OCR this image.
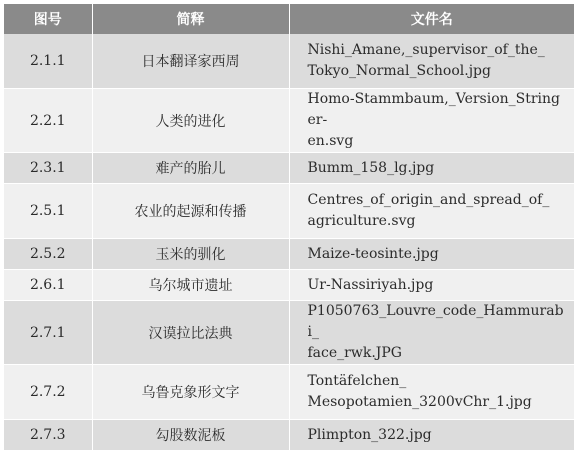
图号	简释	文件名
2.1.1	日本翻译家西周	Nishi_Amane,_supervisor_of_the_
Tokyo_Normal_School.jpg

2.2.1	人类的进化	Homo-Stammbaum,_Version_Stringer-
en.svg

2.3.1	难产的胎儿	Bumm_158_lg.jpg

2.5.1	农业的起源和传播	Centres_of_origin_and_spread_of_
agriculture.svg

2.5.2	玉米的驯化	Maize-teosinte.jpg

2.6.1	乌尔城市遗址	Ur-Nassiriyah.jpg

2.7.1	汉谟拉比法典	P1050763_Louvre_code_Hammurabi_
face_rwk.JPG

2.7.2	乌鲁克象形文字	Tontäfelchen_
Mesopotamien_3200vChr_1.jpg

2.7.3	勾股数泥板	Plimpton_322.jpg
